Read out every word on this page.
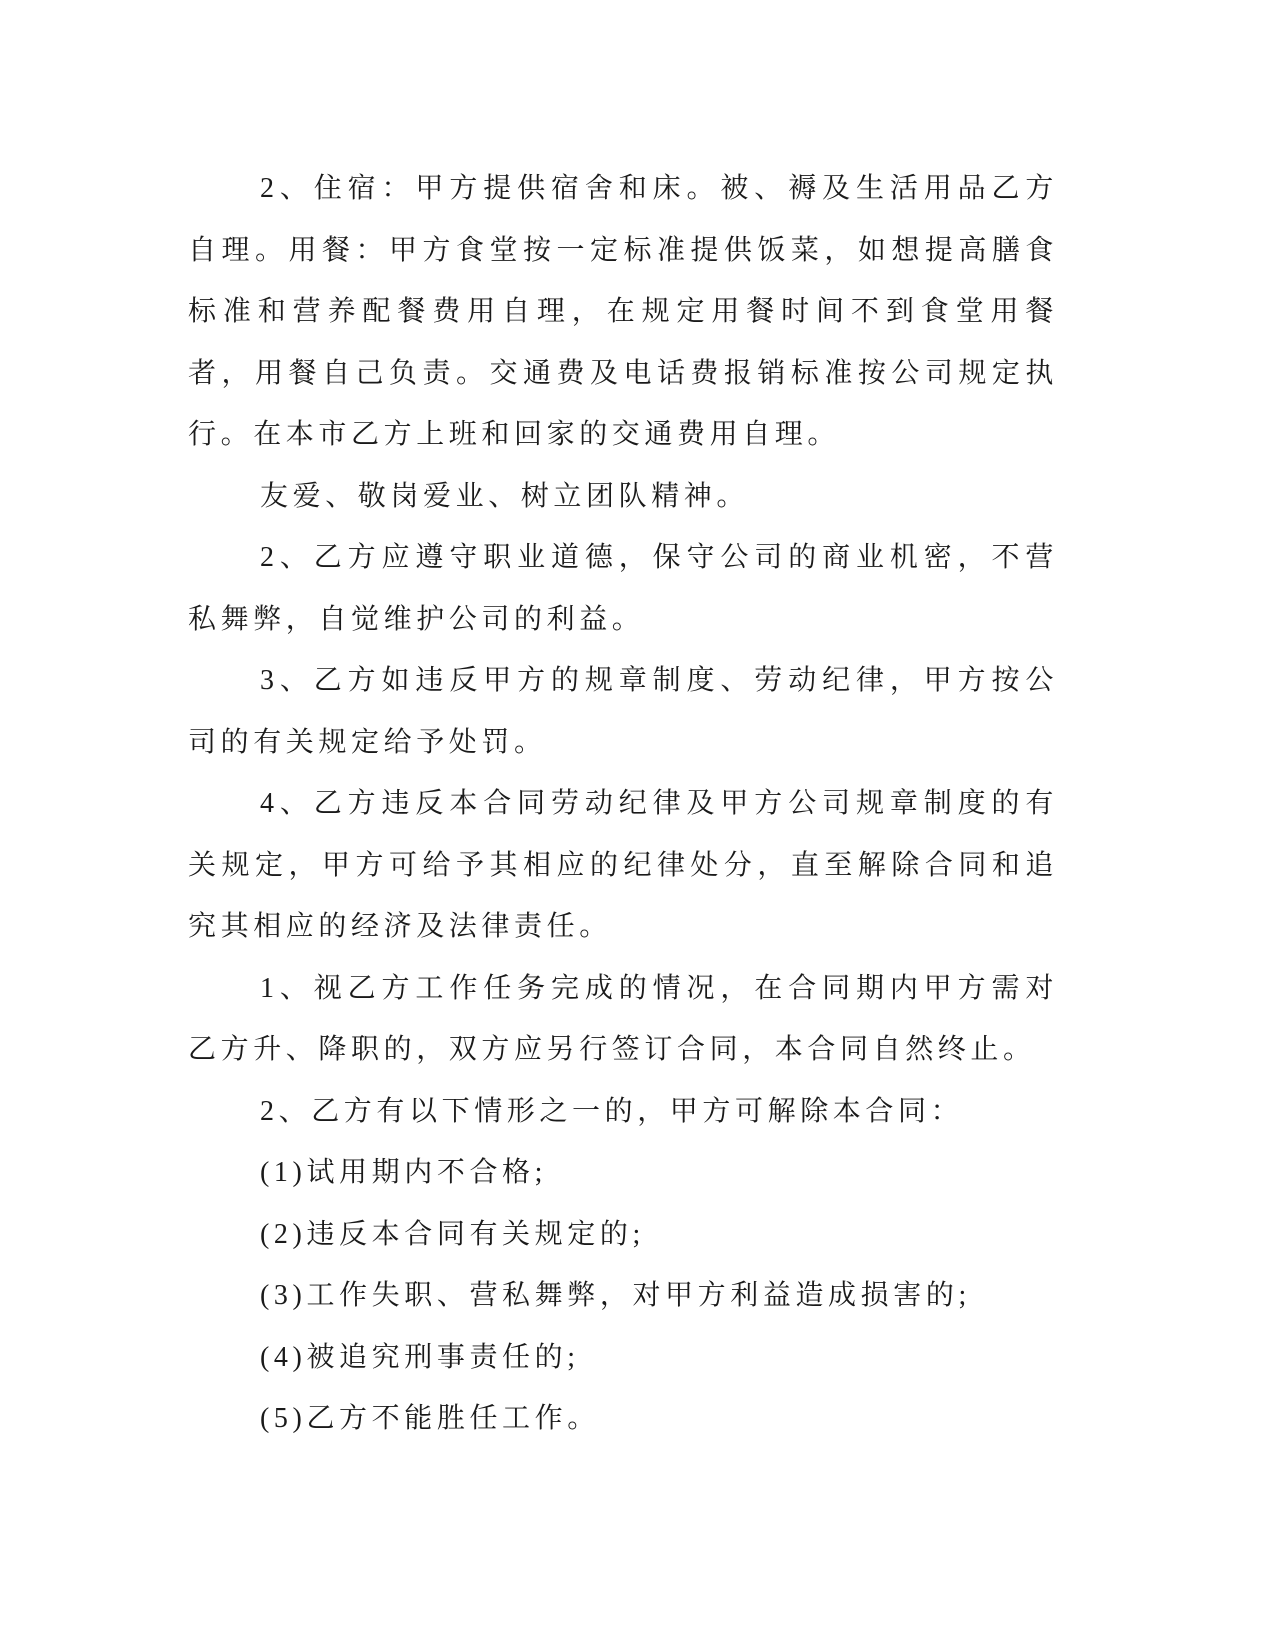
2、住宿：甲方提供宿舍和床。被、褥及生活用品乙方自理。用餐：甲方食堂按一定标准提供饭菜，如想提高膳食标准和营养配餐费用自理，在规定用餐时间不到食堂用餐者，用餐自己负责。交通费及电话费报销标准按公司规定执行。在本市乙方上班和回家的交通费用自理。

友爱、敬岗爱业、树立团队精神。

2、乙方应遵守职业道德，保守公司的商业机密，不营私舞弊，自觉维护公司的利益。

3、乙方如违反甲方的规章制度、劳动纪律，甲方按公司的有关规定给予处罚。

4、乙方违反本合同劳动纪律及甲方公司规章制度的有关规定，甲方可给予其相应的纪律处分，直至解除合同和追究其相应的经济及法律责任。

1、视乙方工作任务完成的情况，在合同期内甲方需对乙方升、降职的，双方应另行签订合同，本合同自然终止。

2、乙方有以下情形之一的，甲方可解除本合同：

(1)试用期内不合格;

(2)违反本合同有关规定的;

(3)工作失职、营私舞弊，对甲方利益造成损害的;

(4)被追究刑事责任的;

(5)乙方不能胜任工作。
